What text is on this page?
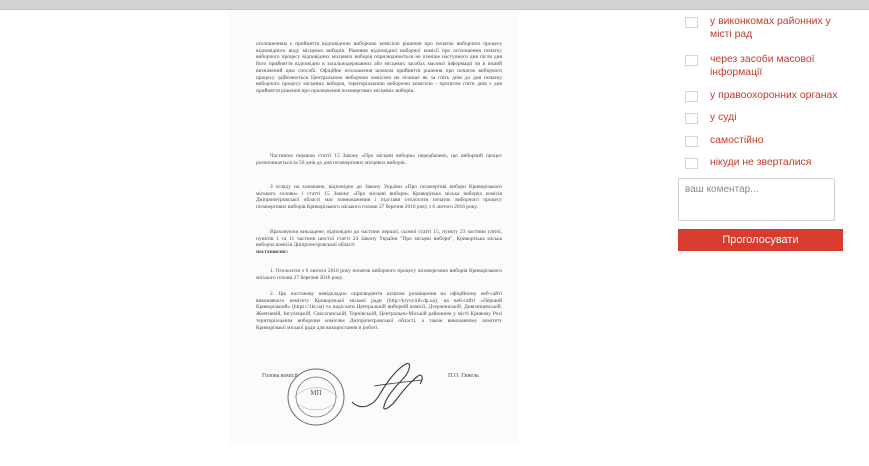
оголошенням є прийняття відповідною виборчою комісією рішення про початок виборчого процесу відповідного виду місцевих виборів. Рішення відповідної виборчої комісії про оголошення початку виборчого процесу відповідних місцевих виборів оприлюднюється не пізніше наступного дня після дня його прийняття відповідно в загальнодержавних або місцевих засобах масової інформації чи в інший визначений цим способі. Офіційне оголошення шляхом прийняття рішення про початок виборчого процесу здійснюється Центральною виборчою комісією не пізніше як за п'ять днів до дня початку виборчого процесу місцевих виборів, територіальною виборчою комісією - протягом п'яти днів з дня прийняття рішення про призначення позачергових місцевих виборів.

Частиною першою статті 15 Закону «Про місцеві вибори» передбачено, що виборчий процес розпочинається за 50 днів до дня позачергових місцевих виборів.

З огляду на зазначене, відповідно до Закону України «Про позачергові вибори Криворізького міського голови» і статті 15 Закону «Про місцеві вибори» Криворізька міська виборча комісія Дніпропетровської області має повноваження і підстави оголосити початок виборчого процесу позачергових виборів Криворізького міського голови 27 березня 2016 року з 6 лютого 2016 року.

Враховуючи викладене, відповідно до частини першої, сьомої статті 15, пункту 23 частини п'ятої, пунктів 1 та 11 частини шостої статті 24 Закону України "Про місцеві вибори", Криворізька міська виборча комісія Дніпропетровської області

постановляє:

1. Оголосити з 6 лютого 2016 року початок виборчого процесу позачергових виборів Криворізького міського голови 27 березня 2016 року.

2. Цю постанову невідкладно оприлюднити шляхом розміщення на офіційному веб-сайті виконавчого комітету Криворізької міської ради (http://kryvyirih.dp.ua), на веб-сайті «Перший Криворізький» (https://1kr.ua) та надіслати Центральній виборчій комісії, Дзержинській, Довгинцевській, Жовтневій, Інгулецькій, Саксаганській, Тернівській, Центрально-Міській районним у місті Кривому Розі територіальним виборчим комісіям Дніпропетровської області, а також виконавчому комітету Криворізької міської ради для використання в роботі.

МП
Голова комісії	П.О. Гивель
у виконкомах районних у місті рад
через засоби масової інформації
у правоохоронних органах
у суді
самостійно
нікуди не зверталися
ваш коментар...
Проголосувати
